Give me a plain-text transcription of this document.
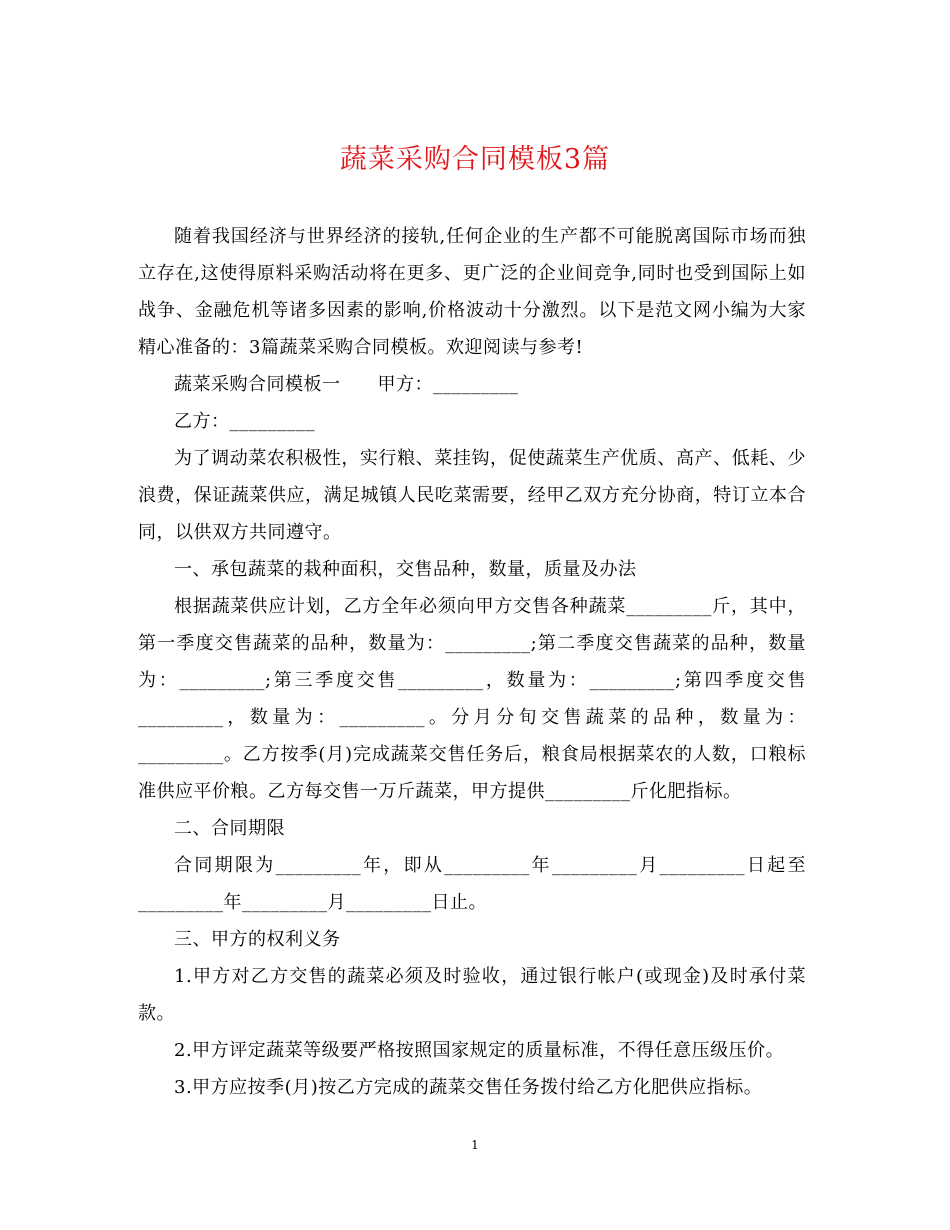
蔬菜采购合同模板3篇

随着我国经济与世界经济的接轨,任何企业的生产都不可能脱离国际市场而独立存在,这使得原料采购活动将在更多、更广泛的企业间竞争,同时也受到国际上如战争、金融危机等诸多因素的影响,价格波动十分激烈。以下是范文网小编为大家精心准备的：3篇蔬菜采购合同模板。欢迎阅读与参考!

蔬菜采购合同模板一　　甲方：_________

乙方：_________

为了调动菜农积极性，实行粮、菜挂钩，促使蔬菜生产优质、高产、低耗、少浪费，保证蔬菜供应，满足城镇人民吃菜需要，经甲乙双方充分协商，特订立本合同，以供双方共同遵守。

一、承包蔬菜的栽种面积，交售品种，数量，质量及办法

根据蔬菜供应计划，乙方全年必须向甲方交售各种蔬菜_________斤，其中，第一季度交售蔬菜的品种，数量为：_________;第二季度交售蔬菜的品种，数量为：_________;第三季度交售_________，数量为：_________;第四季度交售_________，数量为：_________。分月分旬交售蔬菜的品种，数量为：_________。乙方按季(月)完成蔬菜交售任务后，粮食局根据菜农的人数，口粮标准供应平价粮。乙方每交售一万斤蔬菜，甲方提供_________斤化肥指标。

二、合同期限

合同期限为_________年，即从_________年_________月_________日起至_________年_________月_________日止。

三、甲方的权利义务

1.甲方对乙方交售的蔬菜必须及时验收，通过银行帐户(或现金)及时承付菜款。

2.甲方评定蔬菜等级要严格按照国家规定的质量标准，不得任意压级压价。

3.甲方应按季(月)按乙方完成的蔬菜交售任务拨付给乙方化肥供应指标。

1
